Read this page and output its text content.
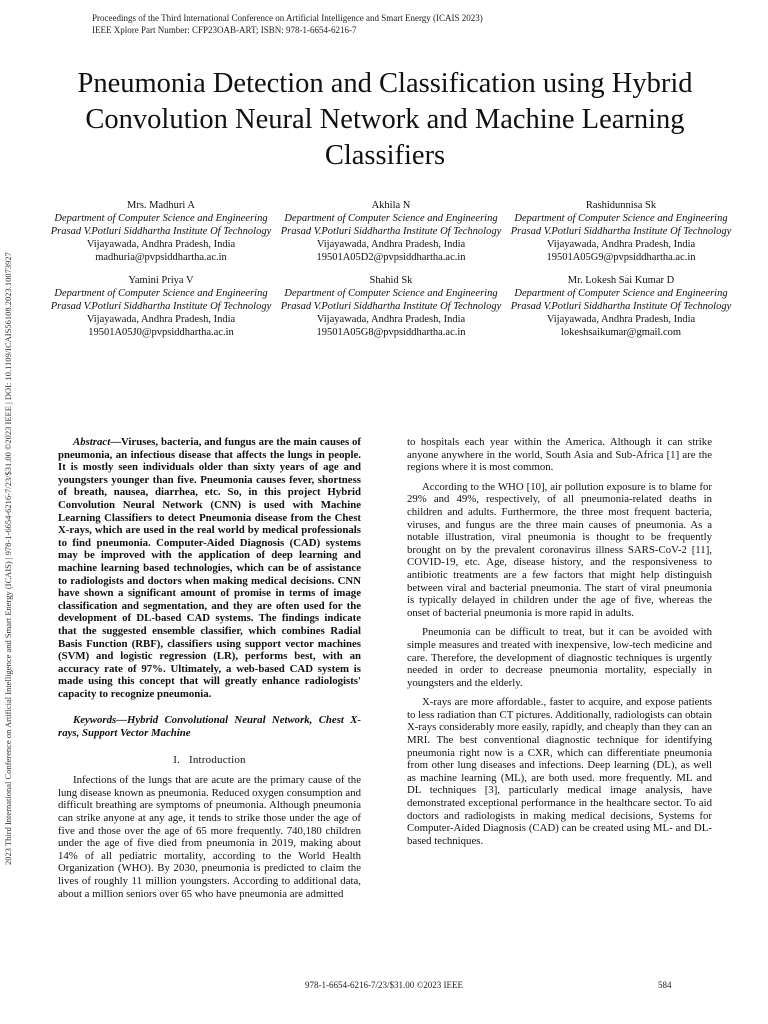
Proceedings of the Third International Conference on Artificial Intelligence and Smart Energy (ICAIS 2023)
IEEE Xplore Part Number: CFP23OAB-ART; ISBN: 978-1-6654-6216-7
2023 Third International Conference on Artificial Intelligence and Smart Energy (ICAIS) | 978-1-6654-6216-7/23/$31.00 ©2023 IEEE | DOI: 10.1109/ICAIS56108.2023.10073927
Pneumonia Detection and Classification using Hybrid Convolution Neural Network and Machine Learning Classifiers
Mrs. Madhuri A
Department of Computer Science and Engineering
Prasad V.Potluri Siddhartha Institute Of Technology
Vijayawada, Andhra Pradesh, India
madhuria@pvpsiddhartha.ac.in
Akhila N
Department of Computer Science and Engineering
Prasad V.Potluri Siddhartha Institute Of Technology
Vijayawada, Andhra Pradesh, India
19501A05D2@pvpsiddhartha.ac.in
Rashidunnisa Sk
Department of Computer Science and Engineering
Prasad V.Potluri Siddhartha Institute Of Technology
Vijayawada, Andhra Pradesh, India
19501A05G9@pvpsiddhartha.ac.in
Yamini Priya V
Department of Computer Science and Engineering
Prasad V.Potluri Siddhartha Institute Of Technology
Vijayawada, Andhra Pradesh, India
19501A05J0@pvpsiddhartha.ac.in
Shahid Sk
Department of Computer Science and Engineering
Prasad V.Potluri Siddhartha Institute Of Technology
Vijayawada, Andhra Pradesh, India
19501A05G8@pvpsiddhartha.ac.in
Mr. Lokesh Sai Kumar D
Department of Computer Science and Engineering
Prasad V.Potluri Siddhartha Institute Of Technology
Vijayawada, Andhra Pradesh, India
lokeshsaikumar@gmail.com

Abstract—Viruses, bacteria, and fungus are the main causes of pneumonia, an infectious disease that affects the lungs in people. It is mostly seen individuals older than sixty years of age and youngsters younger than five. Pneumonia causes fever, shortness of breath, nausea, diarrhea, etc. So, in this project Hybrid Convolution Neural Network (CNN) is used with Machine Learning Classifiers to detect Pneumonia disease from the Chest X-rays, which are used in the real world by medical professionals to find pneumonia. Computer-Aided Diagnosis (CAD) systems may be improved with the application of deep learning and machine learning based technologies, which can be of assistance to radiologists and doctors when making medical decisions. CNN have shown a significant amount of promise in terms of image classification and segmentation, and they are often used for the development of DL-based CAD systems. The findings indicate that the suggested ensemble classifier, which combines Radial Basis Function (RBF), classifiers using support vector machines (SVM) and logistic regression (LR), performs best, with an accuracy rate of 97%. Ultimately, a web-based CAD system is made using this concept that will greatly enhance radiologists' capacity to recognize pneumonia.

Keywords—Hybrid Convolutional Neural Network, Chest X-rays, Support Vector Machine

I. Introduction

Infections of the lungs that are acute are the primary cause of the lung disease known as pneumonia. Reduced oxygen consumption and difficult breathing are symptoms of pneumonia. Although pneumonia can strike anyone at any age, it tends to strike those under the age of five and those over the age of 65 more frequently. 740,180 children under the age of five died from pneumonia in 2019, making about 14% of all pediatric mortality, according to the World Health Organization (WHO). By 2030, pneumonia is predicted to claim the lives of roughly 11 million youngsters. According to additional data, about a million seniors over 65 who have pneumonia are admitted

to hospitals each year within the America. Although it can strike anyone anywhere in the world, South Asia and Sub-Africa [1] are the regions where it is most common.

According to the WHO [10], air pollution exposure is to blame for 29% and 49%, respectively, of all pneumonia-related deaths in children and adults. Furthermore, the three most frequent bacteria, viruses, and fungus are the three main causes of pneumonia. As a notable illustration, viral pneumonia is thought to be frequently brought on by the prevalent coronavirus illness SARS-CoV-2 [11], COVID-19, etc. Age, disease history, and the responsiveness to antibiotic treatments are a few factors that might help distinguish between viral and bacterial pneumonia. The start of viral pneumonia is typically delayed in children under the age of five, whereas the onset of bacterial pneumonia is more rapid in adults.

Pneumonia can be difficult to treat, but it can be avoided with simple measures and treated with inexpensive, low-tech medicine and care. Therefore, the development of diagnostic techniques is urgently needed in order to decrease pneumonia mortality, especially in youngsters and the elderly.

X-rays are more affordable., faster to acquire, and expose patients to less radiation than CT pictures. Additionally, radiologists can obtain X-rays considerably more easily, rapidly, and cheaply than they can an MRI. The best conventional diagnostic technique for identifying pneumonia right now is a CXR, which can differentiate pneumonia from other lung diseases and infections. Deep learning (DL), as well as machine learning (ML), are both used. more frequently. ML and DL techniques [3], particularly medical image analysis, have demonstrated exceptional performance in the healthcare sector. To aid doctors and radiologists in making medical decisions, Systems for Computer-Aided Diagnosis (CAD) can be created using ML- and DL-based techniques.

978-1-6654-6216-7/23/$31.00 ©2023 IEEE	584
